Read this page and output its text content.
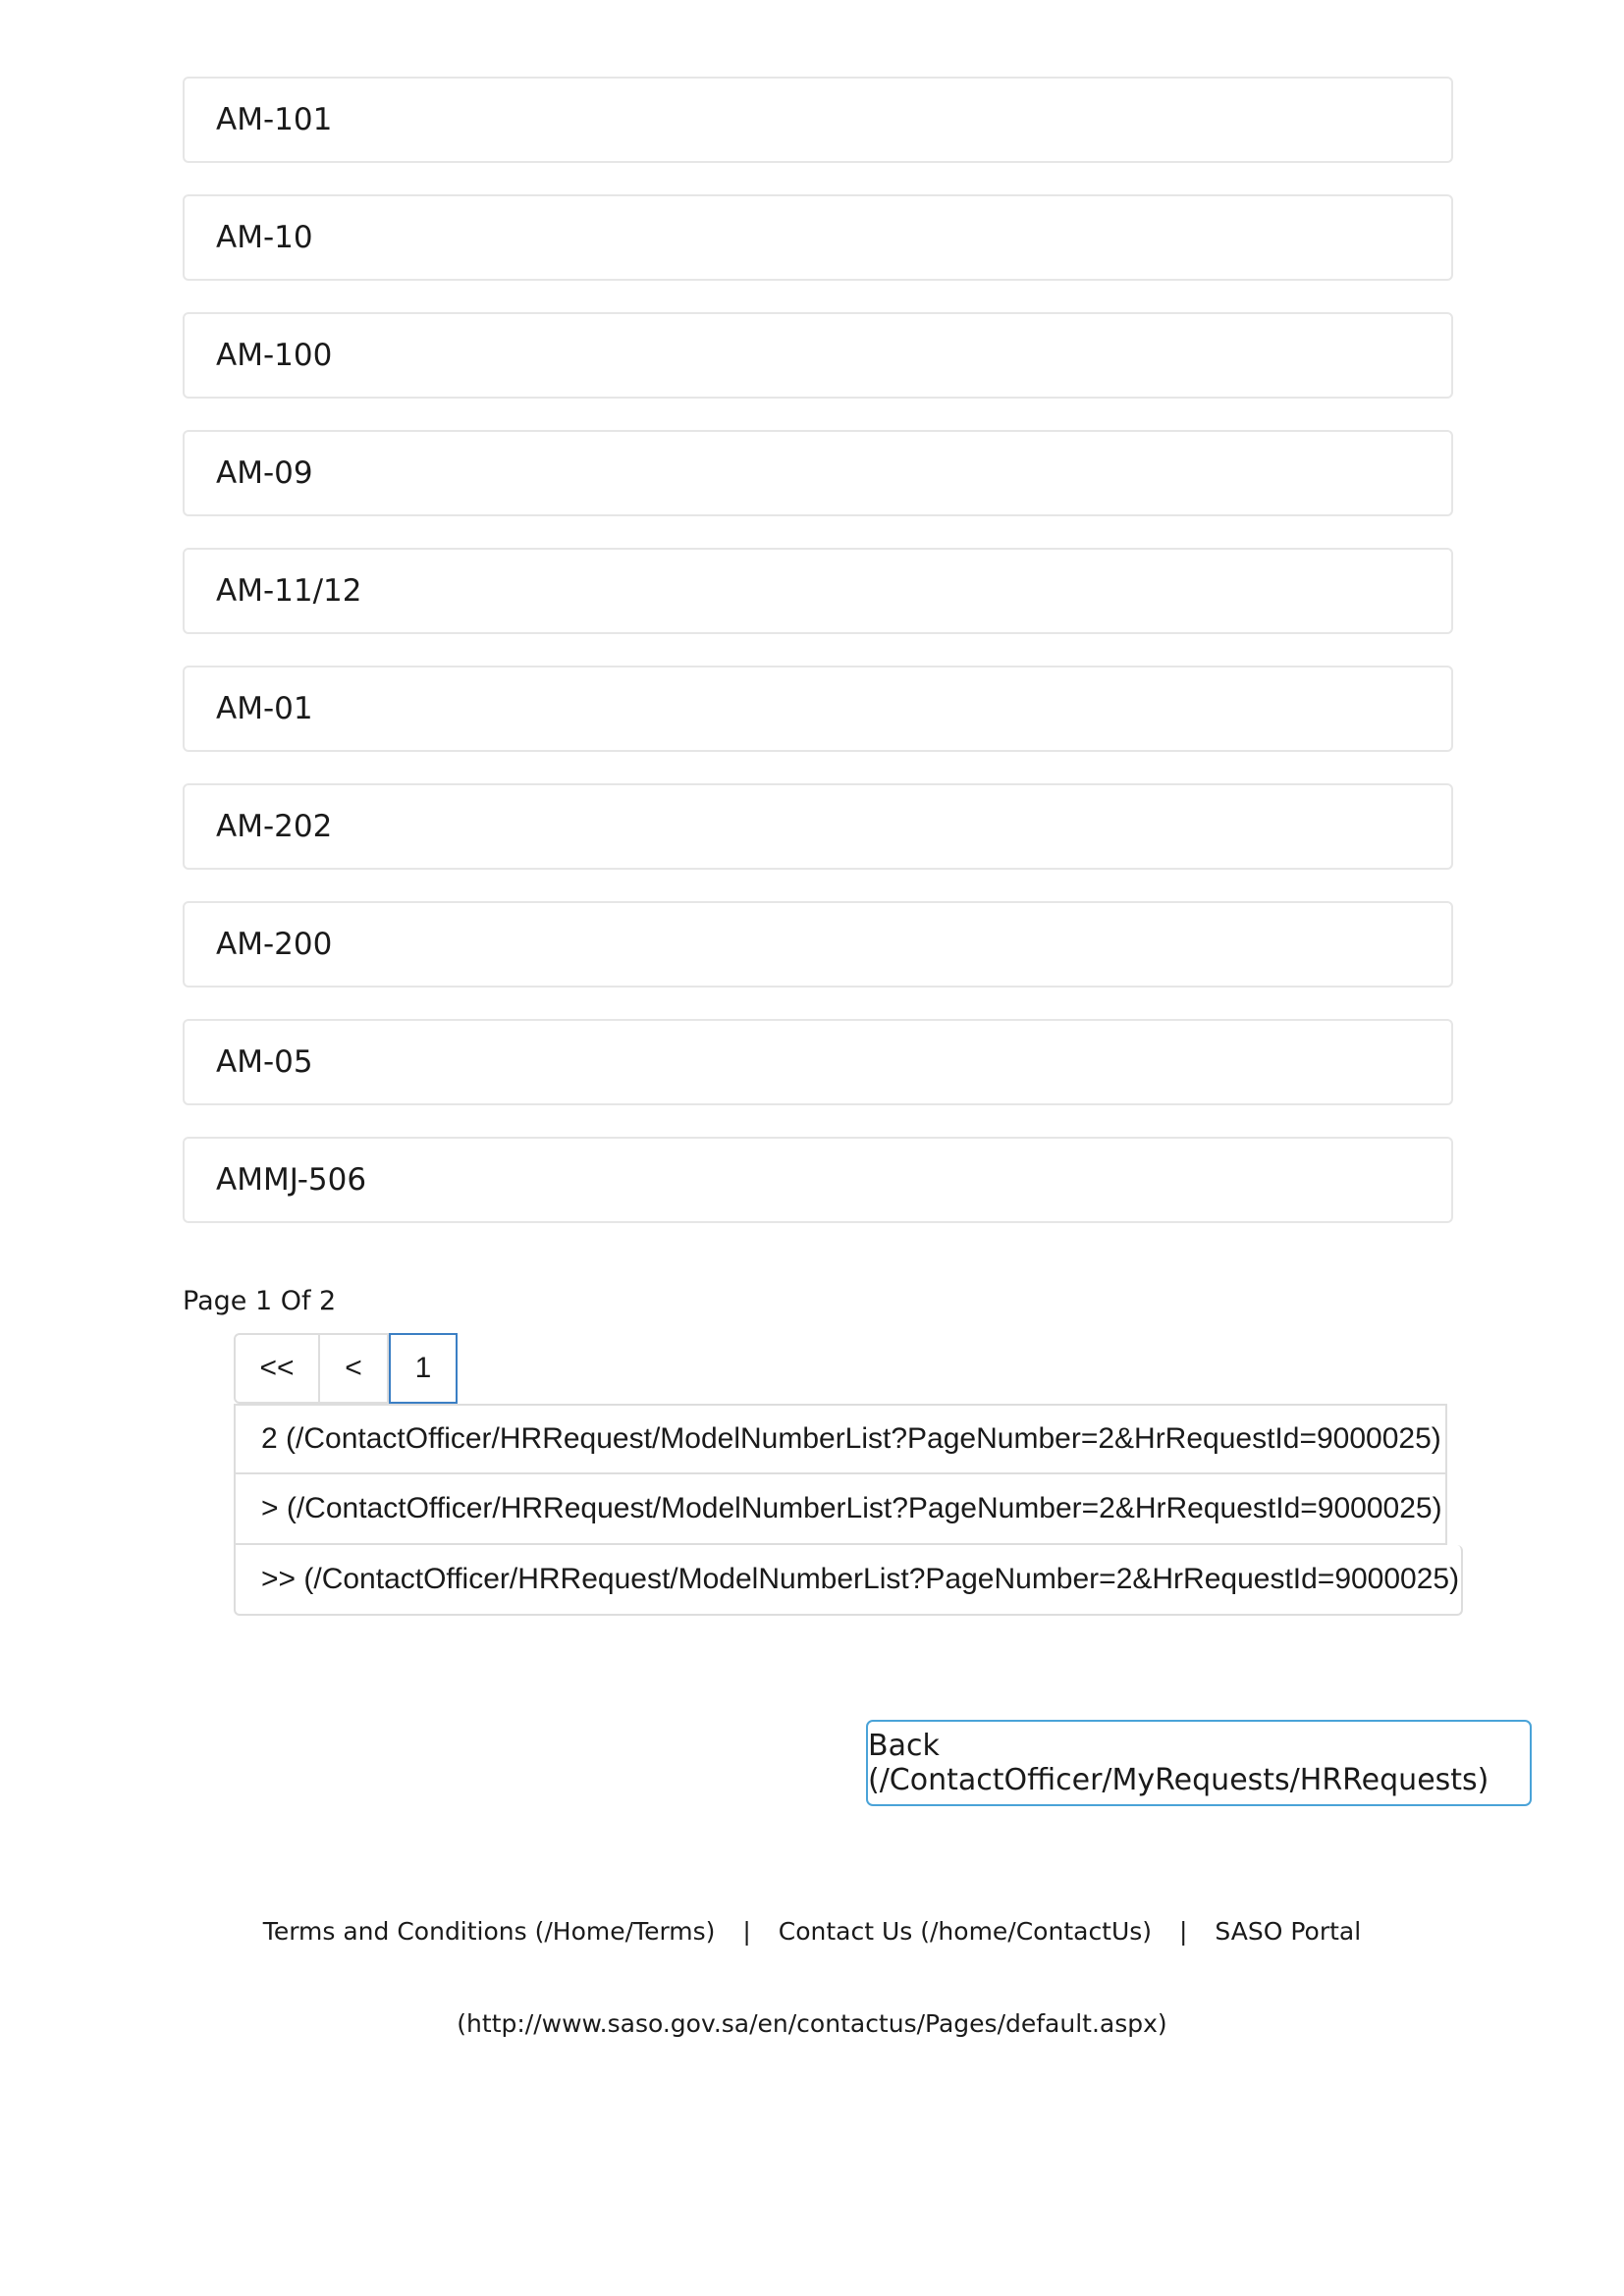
AM-101
AM-10
AM-100
AM-09
AM-11/12
AM-01
AM-202
AM-200
AM-05
AMMJ-506
Page 1 Of 2
<<	<	1
2 (/ContactOfficer/HRRequest/ModelNumberList?PageNumber=2&HrRequestId=9000025)
> (/ContactOfficer/HRRequest/ModelNumberList?PageNumber=2&HrRequestId=9000025)
>> (/ContactOfficer/HRRequest/ModelNumberList?PageNumber=2&HrRequestId=9000025)
Back (/ContactOfficer/MyRequests/HRRequests)
Terms and Conditions (/Home/Terms) | Contact Us (/home/ContactUs) | SASO Portal
(http://www.saso.gov.sa/en/contactus/Pages/default.aspx)
